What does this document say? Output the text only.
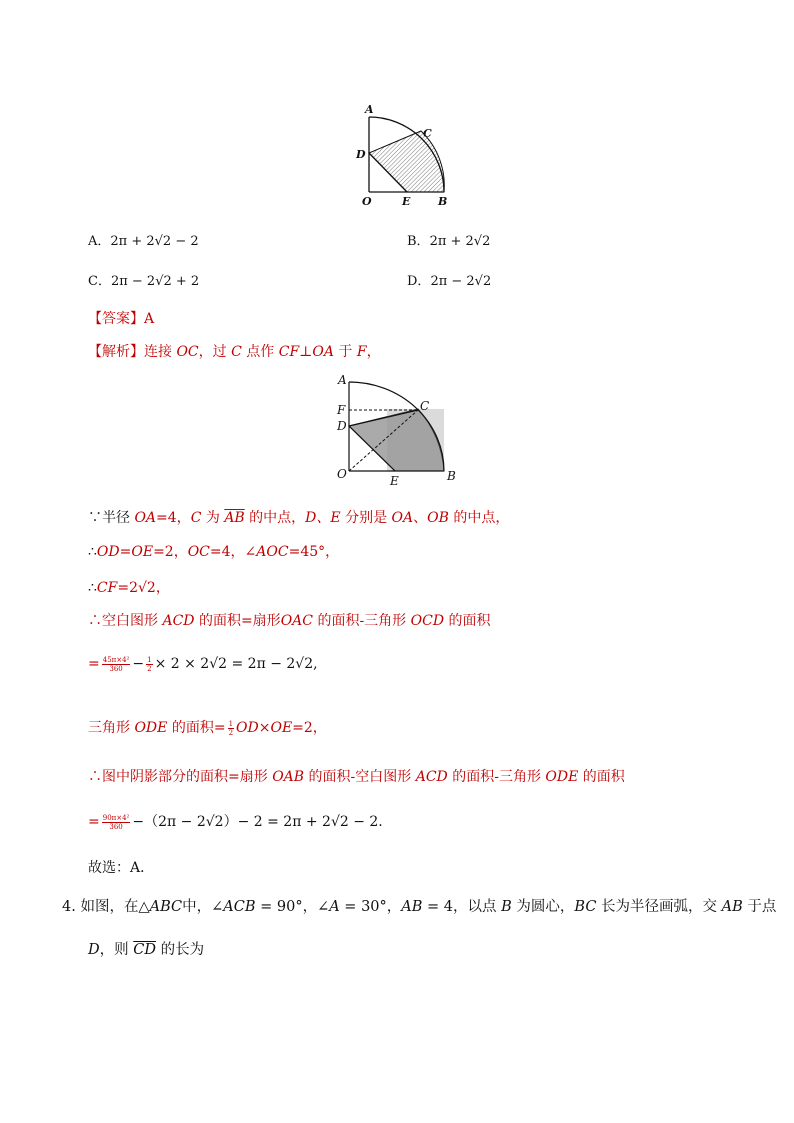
A
C
D
O	E	B
A．2π + 2√2 − 2	B．2π + 2√2
C．2π − 2√2 + 2	D．2π − 2√2
【答案】A
【解析】连接 OC，过 C 点作 CF⊥OA 于 F，
A
F	C
D
O	E	B
∵半径 OA=4，C 为 $\overline{AB}$ 的中点，D、E 分别是 OA、OB 的中点，
∴OD=OE=2，OC=4，∠AOC=45°，
∴CF=2√2，
∴空白图形 ACD 的面积=扇形OAC 的面积-三角形 OCD 的面积
= $\frac{\text{45π×4²}}{360} - \frac{1}{2} \times 2 \times 2√2 = 2\pi - 2√2$,
三角形 ODE 的面积= $\frac{1}{2} OD\times OE=2$，
∴图中阴影部分的面积=扇形 OAB 的面积-空白图形 ACD 的面积-三角形 ODE 的面积
= $\frac{\text{90π×4²}}{360} -(2\pi - 2√2)- 2 = 2\pi + 2√2 - 2$.
故选：A．
4. 如图，在△ABC中，∠ACB = 90°，∠A = 30°，AB = 4，以点 B 为圆心，BC 长为半径画弧，交 AB 于点
D，则 $\overline{CD}$ 的长为
